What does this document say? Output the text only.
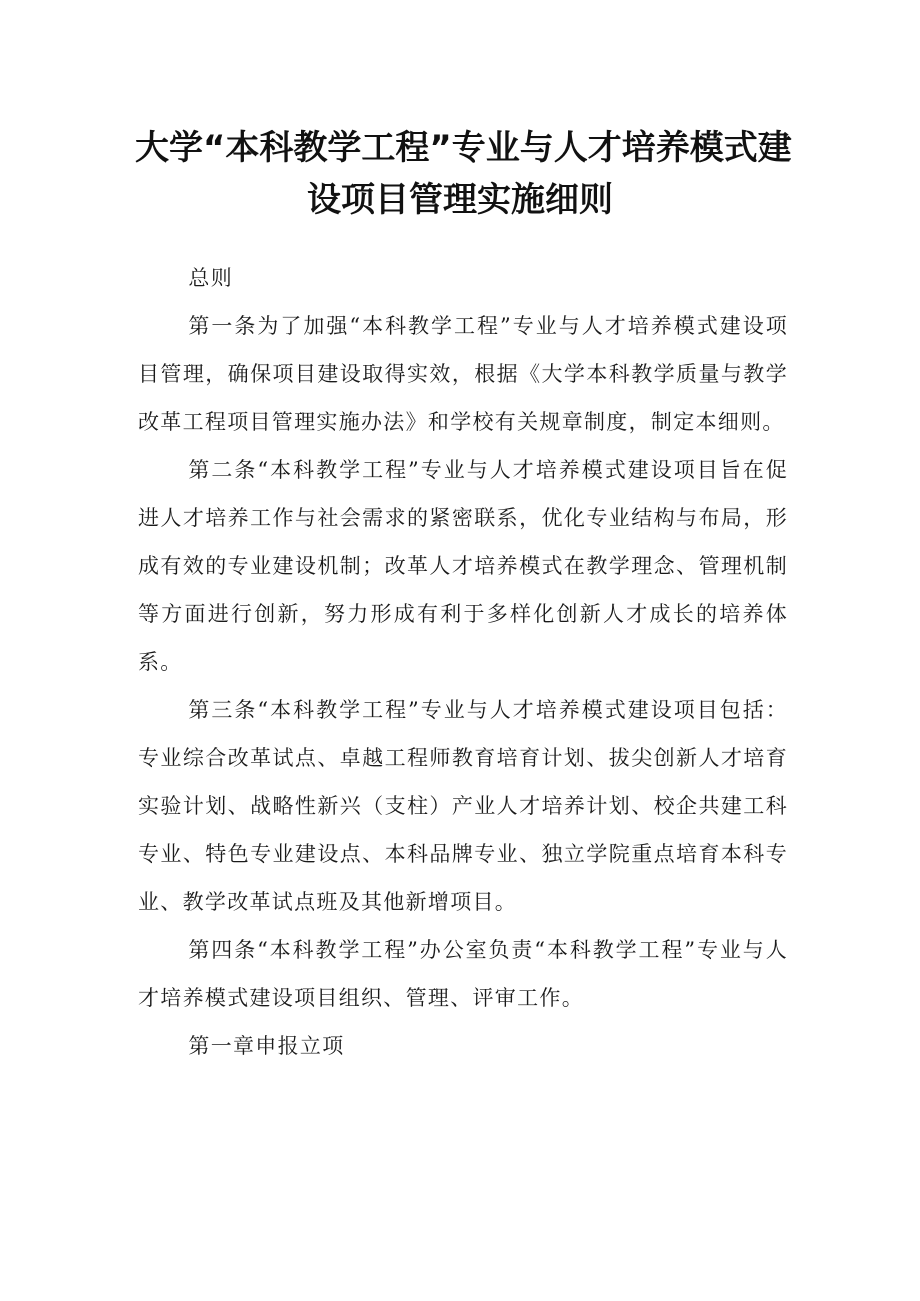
大学“本科教学工程”专业与人才培养模式建
设项目管理实施细则

总则

第一条为了加强“本科教学工程”专业与人才培养模式建设项目管理，确保项目建设取得实效，根据《大学本科教学质量与教学改革工程项目管理实施办法》和学校有关规章制度，制定本细则。

第二条“本科教学工程”专业与人才培养模式建设项目旨在促进人才培养工作与社会需求的紧密联系，优化专业结构与布局，形成有效的专业建设机制；改革人才培养模式在教学理念、管理机制等方面进行创新，努力形成有利于多样化创新人才成长的培养体系。

第三条“本科教学工程”专业与人才培养模式建设项目包括：专业综合改革试点、卓越工程师教育培育计划、拔尖创新人才培育实验计划、战略性新兴（支柱）产业人才培养计划、校企共建工科专业、特色专业建设点、本科品牌专业、独立学院重点培育本科专业、教学改革试点班及其他新增项目。

第四条“本科教学工程”办公室负责“本科教学工程”专业与人才培养模式建设项目组织、管理、评审工作。

第一章申报立项
